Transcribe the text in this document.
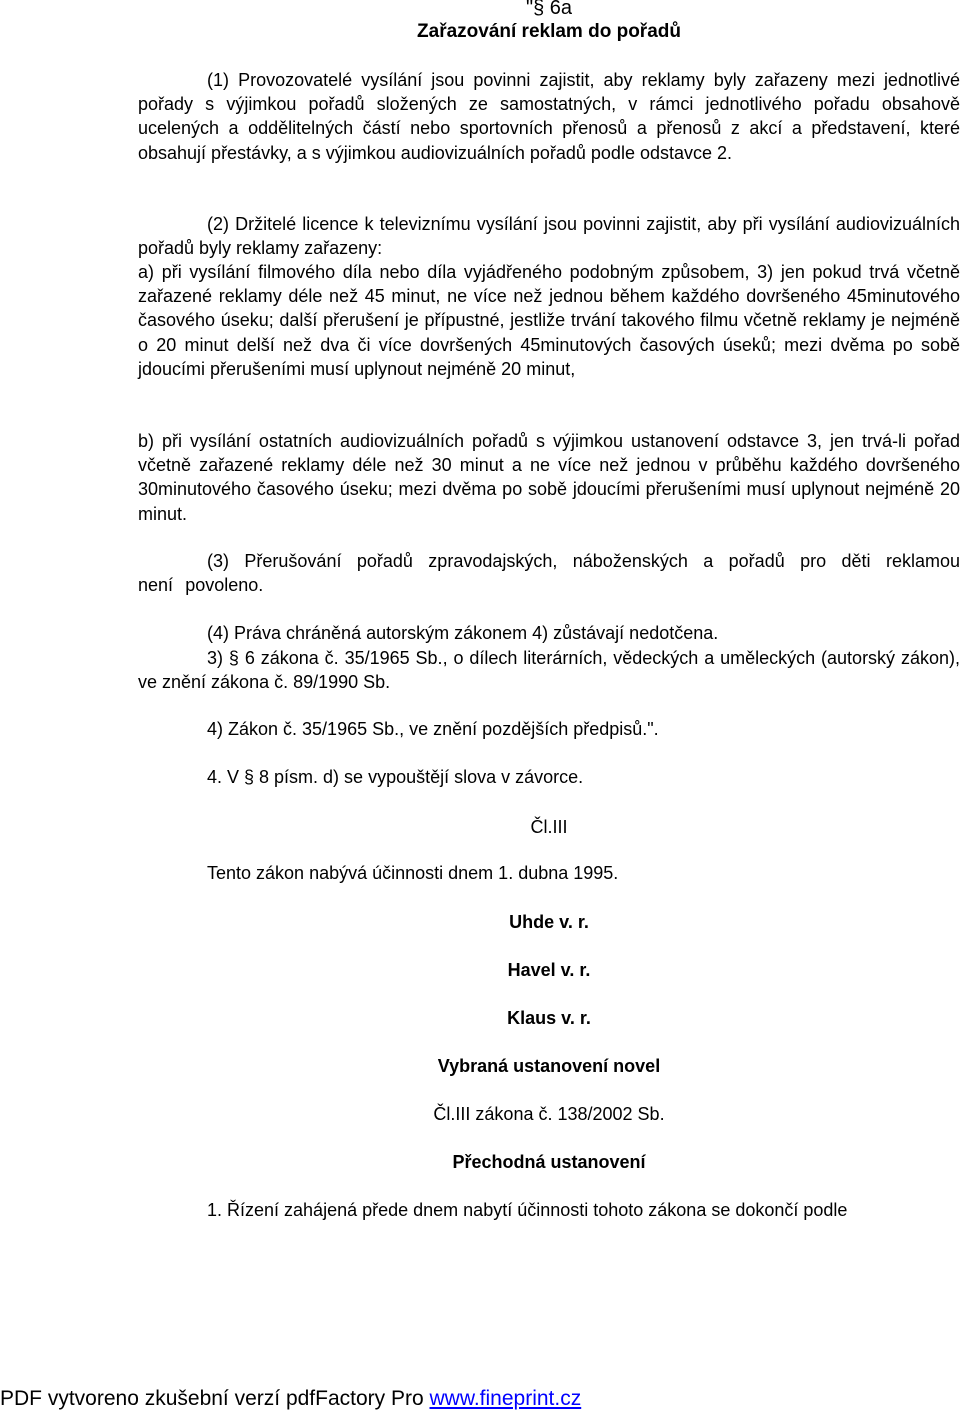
"§ 6a

Zařazování reklam do pořadů

(1) Provozovatelé vysílání jsou povinni zajistit, aby reklamy byly zařazeny mezi jednotlivé pořady s výjimkou pořadů složených ze samostatných, v rámci jednotlivého pořadu obsahově ucelených a oddělitelných částí nebo sportovních přenosů a přenosů z akcí a představení, které obsahují přestávky, a s výjimkou audiovizuálních pořadů podle odstavce 2.

(2) Držitelé licence k televiznímu vysílání jsou povinni zajistit, aby při vysílání audiovizuálních pořadů byly reklamy zařazeny:

a) při vysílání filmového díla nebo díla vyjádřeného podobným způsobem, 3) jen pokud trvá včetně zařazené reklamy déle než 45 minut, ne více než jednou během každého dovršeného 45minutového časového úseku; další přerušení je přípustné, jestliže trvání takového filmu včetně reklamy je nejméně o 20 minut delší než dva či více dovršených 45minutových časových úseků; mezi dvěma po sobě jdoucími přerušeními musí uplynout nejméně 20 minut,

b) při vysílání ostatních audiovizuálních pořadů s výjimkou ustanovení odstavce 3, jen trvá-li pořad včetně zařazené reklamy déle než 30 minut a ne více než jednou v průběhu každého dovršeného 30minutového časového úseku; mezi dvěma po sobě jdoucími přerušeními musí uplynout nejméně 20 minut.

(3) Přerušování pořadů zpravodajských, náboženských a pořadů pro děti reklamou není povoleno.

(4) Práva chráněná autorským zákonem 4) zůstávají nedotčena.

3) § 6 zákona č. 35/1965 Sb., o dílech literárních, vědeckých a uměleckých (autorský zákon), ve znění zákona č. 89/1990 Sb.

4) Zákon č. 35/1965 Sb., ve znění pozdějších předpisů.".

4. V § 8 písm. d) se vypouštějí slova v závorce.

Čl.III

Tento zákon nabývá účinnosti dnem 1. dubna 1995.

Uhde v. r.

Havel v. r.

Klaus v. r.

Vybraná ustanovení novel

Čl.III zákona č. 138/2002 Sb.

Přechodná ustanovení

1. Řízení zahájená přede dnem nabytí účinnosti tohoto zákona se dokončí podle

PDF vytvoreno zkušební verzí pdfFactory Pro www.fineprint.cz
